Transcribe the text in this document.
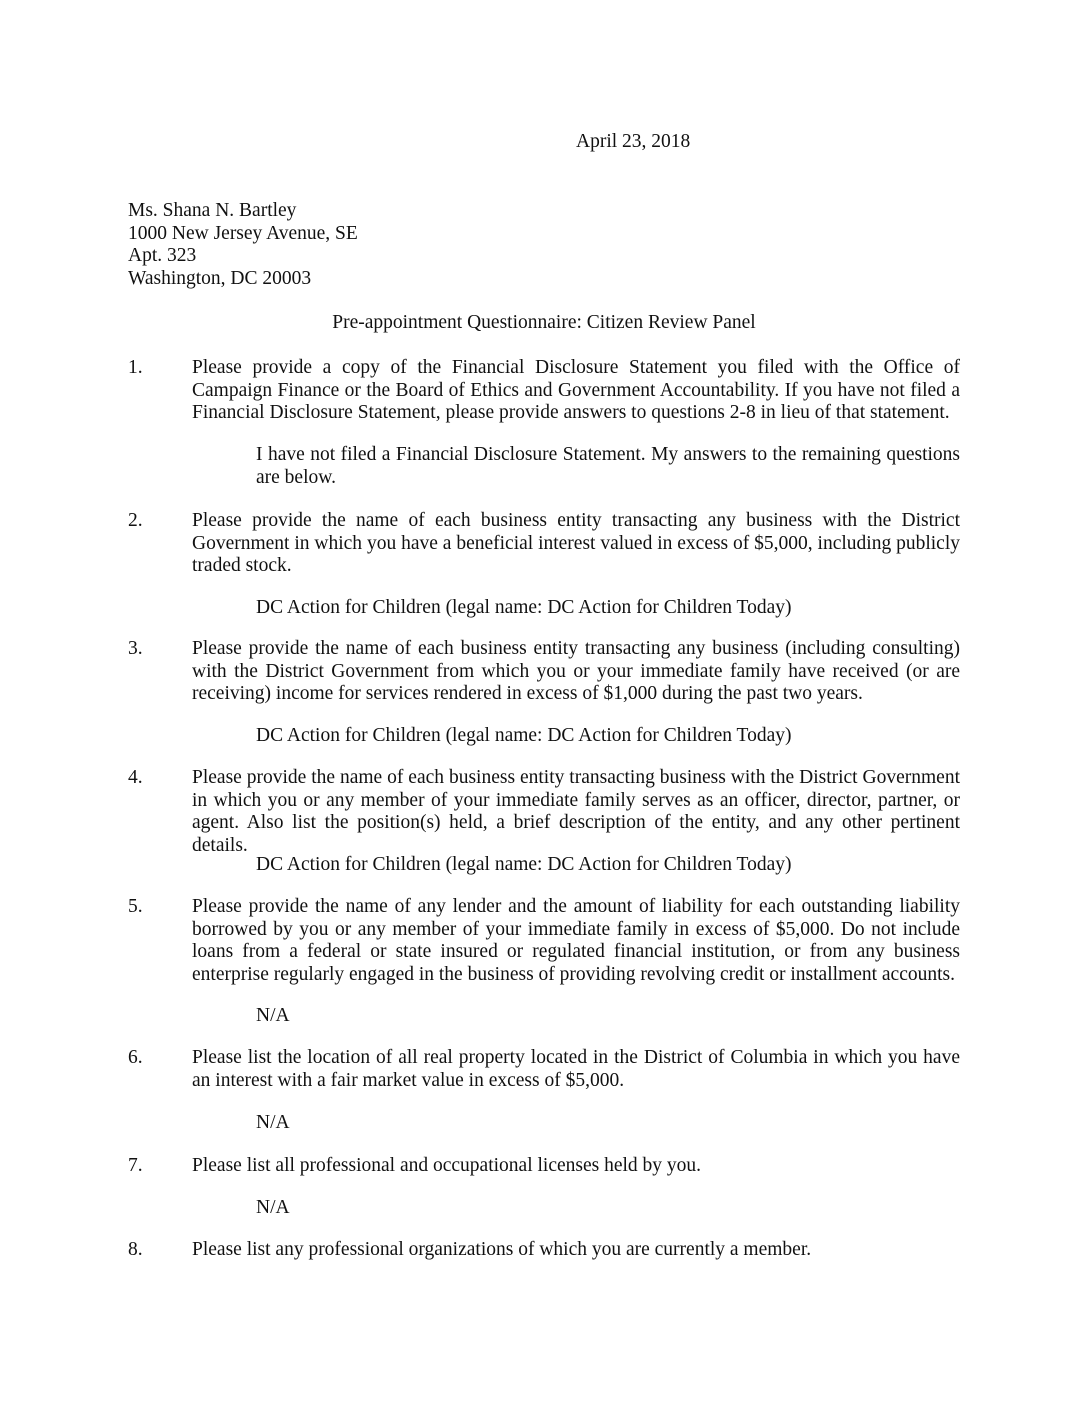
April 23, 2018
Ms. Shana N. Bartley
1000 New Jersey Avenue, SE
Apt. 323
Washington, DC 20003
Pre-appointment Questionnaire: Citizen Review Panel
1.	Please provide a copy of the Financial Disclosure Statement you filed with the Office of Campaign Finance or the Board of Ethics and Government Accountability. If you have not filed a Financial Disclosure Statement, please provide answers to questions 2-8 in lieu of that statement.
I have not filed a Financial Disclosure Statement. My answers to the remaining questions are below.
2.	Please provide the name of each business entity transacting any business with the District Government in which you have a beneficial interest valued in excess of $5,000, including publicly traded stock.
DC Action for Children (legal name: DC Action for Children Today)
3.	Please provide the name of each business entity transacting any business (including consulting) with the District Government from which you or your immediate family have received (or are receiving) income for services rendered in excess of $1,000 during the past two years.
DC Action for Children (legal name: DC Action for Children Today)
4.	Please provide the name of each business entity transacting business with the District Government in which you or any member of your immediate family serves as an officer, director, partner, or agent. Also list the position(s) held, a brief description of the entity, and any other pertinent details.
DC Action for Children (legal name: DC Action for Children Today)
5.	Please provide the name of any lender and the amount of liability for each outstanding liability borrowed by you or any member of your immediate family in excess of $5,000. Do not include loans from a federal or state insured or regulated financial institution, or from any business enterprise regularly engaged in the business of providing revolving credit or installment accounts.
N/A
6.	Please list the location of all real property located in the District of Columbia in which you have an interest with a fair market value in excess of $5,000.
N/A
7.	Please list all professional and occupational licenses held by you.
N/A
8.	Please list any professional organizations of which you are currently a member.
